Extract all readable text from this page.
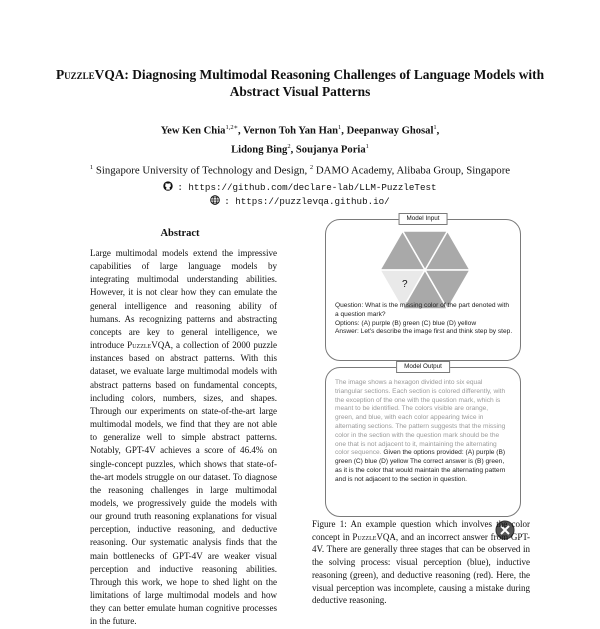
PuzzleVQA: Diagnosing Multimodal Reasoning Challenges of Language Models with Abstract Visual Patterns
Yew Ken Chia$^{1,2∗}$, Vernon Toh Yan Han$^1$, Deepanway Ghosal$^1$,
Lidong Bing$^2$, Soujanya Poria$^1$
$^1$ Singapore University of Technology and Design, $^2$ DAMO Academy, Alibaba Group, Singapore
: https://github.com/declare-lab/LLM-PuzzleTest
: https://puzzlevqa.github.io/
Abstract
Large multimodal models extend the impressive capabilities of large language models by integrating multimodal understanding abilities. However, it is not clear how they can emulate the general intelligence and reasoning ability of humans. As recognizing patterns and abstracting concepts are key to general intelligence, we introduce PuzzleVQA, a collection of 2000 puzzle instances based on abstract patterns. With this dataset, we evaluate large multimodal models with abstract patterns based on fundamental concepts, including colors, numbers, sizes, and shapes. Through our experiments on state-of-the-art large multimodal models, we find that they are not able to generalize well to simple abstract patterns. Notably, GPT-4V achieves a score of 46.4% on single-concept puzzles, which shows that state-of-the-art models struggle on our dataset. To diagnose the reasoning challenges in large multimodal models, we progressively guide the models with our ground truth reasoning explanations for visual perception, inductive reasoning, and deductive reasoning. Our systematic analysis finds that the main bottlenecks of GPT-4V are weaker visual perception and inductive reasoning abilities. Through this work, we hope to shed light on the limitations of large multimodal models and how they can better emulate human cognitive processes in the future.
Model Input
?
Question: What is the missing color of the part denoted with a question mark?
Options: (A) purple (B) green (C) blue (D) yellow
Answer: Let's describe the image first and think step by step.
Model Output
The image shows a hexagon divided into six equal triangular sections. Each section is colored differently, with the exception of the one with the question mark, which is meant to be identified. The colors visible are orange, green, and blue, with each color appearing twice in alternating sections. The pattern suggests that the missing color in the section with the question mark should be the one that is not adjacent to it, maintaining the alternating color sequence. Given the options provided: (A) purple (B) green (C) blue (D) yellow The correct answer is (B) green, as it is the color that would maintain the alternating pattern and is not adjacent to the section in question.
Figure 1: An example question which involves the color concept in PuzzleVQA, and an incorrect answer from GPT-4V. There are generally three stages that can be observed in the solving process: visual perception (blue), inductive reasoning (green), and deductive reasoning (red). Here, the visual perception was incomplete, causing a mistake during deductive reasoning.
